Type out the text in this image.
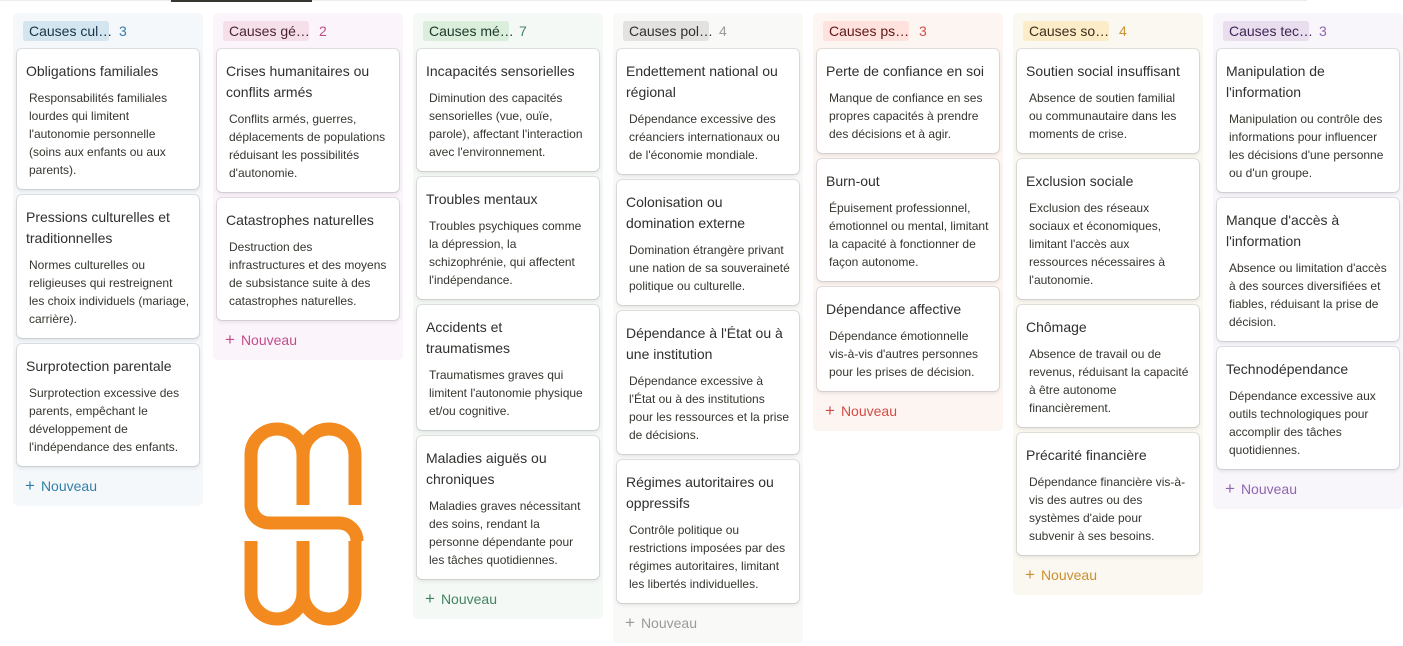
Causes cul… 3
Obligations familiales
Responsabilités familiales lourdes qui limitent l'autonomie personnelle (soins aux enfants ou aux parents).
Pressions culturelles et traditionnelles
Normes culturelles ou religieuses qui restreignent les choix individuels (mariage, carrière).
Surprotection parentale
Surprotection excessive des parents, empêchant le développement de l'indépendance des enfants.
+ Nouveau
Causes gé… 2
Crises humanitaires ou conflits armés
Conflits armés, guerres, déplacements de populations réduisant les possibilités d'autonomie.
Catastrophes naturelles
Destruction des infrastructures et des moyens de subsistance suite à des catastrophes naturelles.
+ Nouveau
Causes mé… 7
Incapacités sensorielles
Diminution des capacités sensorielles (vue, ouïe, parole), affectant l'interaction avec l'environnement.
Troubles mentaux
Troubles psychiques comme la dépression, la schizophrénie, qui affectent l'indépendance.
Accidents et traumatismes
Traumatismes graves qui limitent l'autonomie physique et/ou cognitive.
Maladies aiguës ou chroniques
Maladies graves nécessitant des soins, rendant la personne dépendante pour les tâches quotidiennes.
+ Nouveau
Causes pol… 4
Endettement national ou régional
Dépendance excessive des créanciers internationaux ou de l'économie mondiale.
Colonisation ou domination externe
Domination étrangère privant une nation de sa souveraineté politique ou culturelle.
Dépendance à l'État ou à une institution
Dépendance excessive à l'État ou à des institutions pour les ressources et la prise de décisions.
Régimes autoritaires ou oppressifs
Contrôle politique ou restrictions imposées par des régimes autoritaires, limitant les libertés individuelles.
+ Nouveau
Causes ps… 3
Perte de confiance en soi
Manque de confiance en ses propres capacités à prendre des décisions et à agir.
Burn-out
Épuisement professionnel, émotionnel ou mental, limitant la capacité à fonctionner de façon autonome.
Dépendance affective
Dépendance émotionnelle vis-à-vis d'autres personnes pour les prises de décision.
+ Nouveau
Causes so… 4
Soutien social insuffisant
Absence de soutien familial ou communautaire dans les moments de crise.
Exclusion sociale
Exclusion des réseaux sociaux et économiques, limitant l'accès aux ressources nécessaires à l'autonomie.
Chômage
Absence de travail ou de revenus, réduisant la capacité à être autonome financièrement.
Précarité financière
Dépendance financière vis-à-vis des autres ou des systèmes d'aide pour subvenir à ses besoins.
+ Nouveau
Causes tec… 3
Manipulation de l'information
Manipulation ou contrôle des informations pour influencer les décisions d'une personne ou d'un groupe.
Manque d'accès à l'information
Absence ou limitation d'accès à des sources diversifiées et fiables, réduisant la prise de décision.
Technodépendance
Dépendance excessive aux outils technologiques pour accomplir des tâches quotidiennes.
+ Nouveau
